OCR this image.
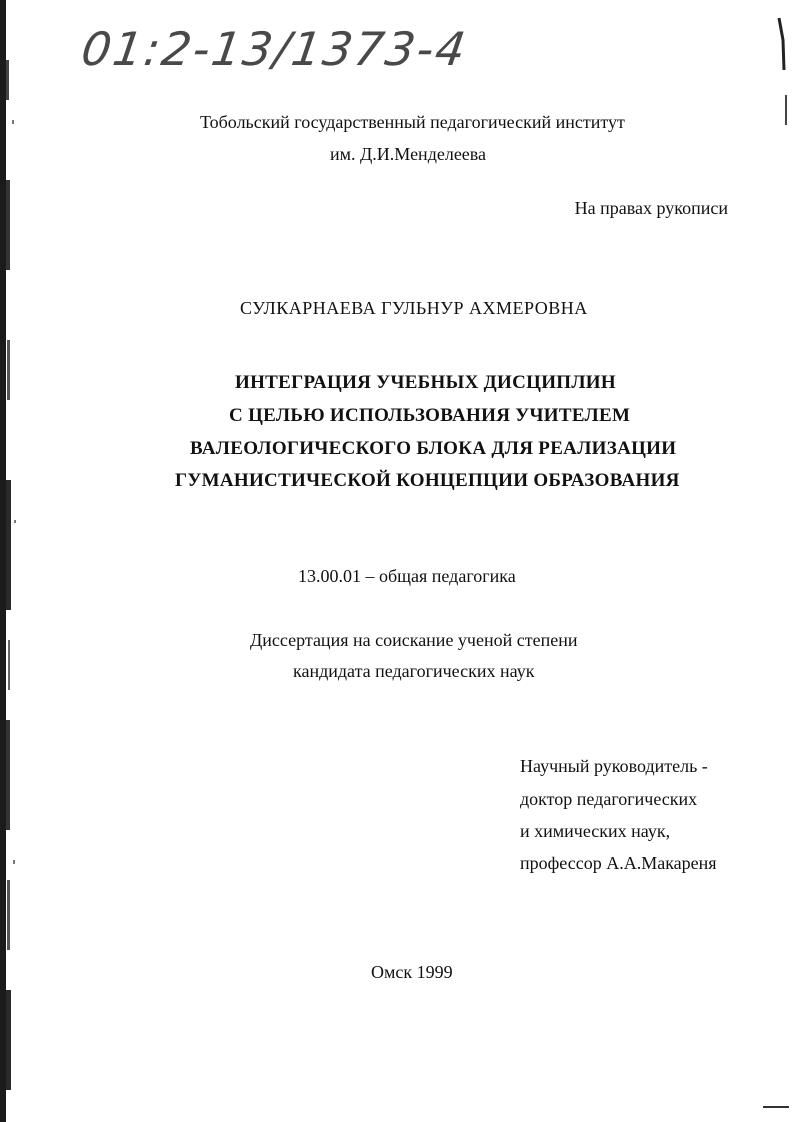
01:2-13/1373-4
Тобольский государственный педагогический институт
им. Д.И.Менделеева
На правах рукописи
СУЛКАРНАЕВА ГУЛЬНУР АХМЕРОВНА
ИНТЕГРАЦИЯ УЧЕБНЫХ ДИСЦИПЛИН
С ЦЕЛЬЮ ИСПОЛЬЗОВАНИЯ УЧИТЕЛЕМ
ВАЛЕОЛОГИЧЕСКОГО БЛОКА ДЛЯ РЕАЛИЗАЦИИ
ГУМАНИСТИЧЕСКОЙ КОНЦЕПЦИИ ОБРАЗОВАНИЯ
13.00.01 – общая педагогика
Диссертация на соискание ученой степени
кандидата педагогических наук
Научный руководитель -
доктор педагогических
и химических наук,
профессор А.А.Макареня
Омск 1999
